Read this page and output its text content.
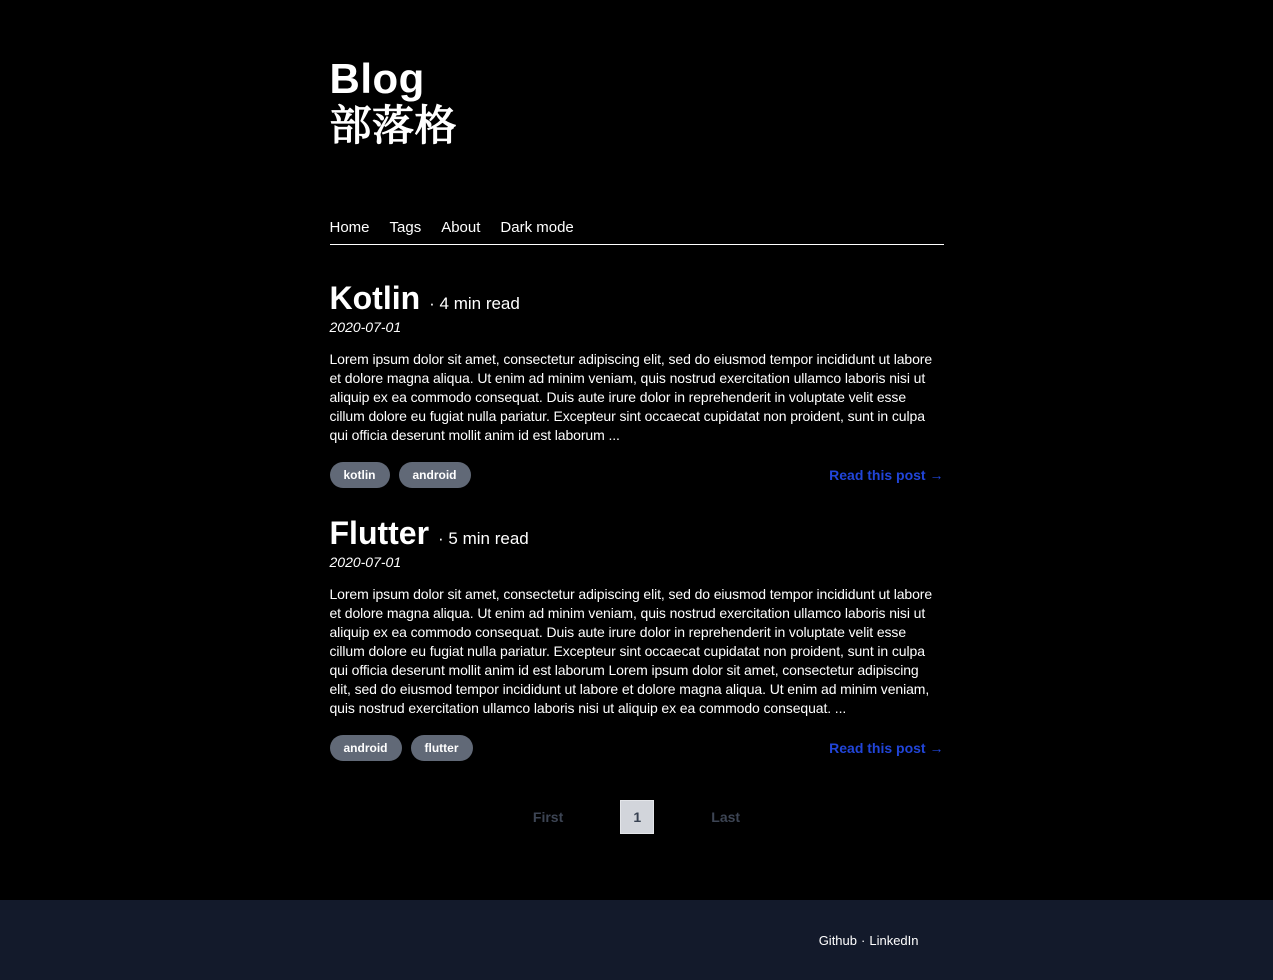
Blog
部落格
Home Tags About Dark mode
Kotlin · 4 min read
2020-07-01

Lorem ipsum dolor sit amet, consectetur adipiscing elit, sed do eiusmod tempor incididunt ut labore et dolore magna aliqua. Ut enim ad minim veniam, quis nostrud exercitation ullamco laboris nisi ut aliquip ex ea commodo consequat. Duis aute irure dolor in reprehenderit in voluptate velit esse cillum dolore eu fugiat nulla pariatur. Excepteur sint occaecat cupidatat non proident, sunt in culpa qui officia deserunt mollit anim id est laborum ...

kotlin	android	Read this post →
Flutter · 5 min read
2020-07-01

Lorem ipsum dolor sit amet, consectetur adipiscing elit, sed do eiusmod tempor incididunt ut labore et dolore magna aliqua. Ut enim ad minim veniam, quis nostrud exercitation ullamco laboris nisi ut aliquip ex ea commodo consequat. Duis aute irure dolor in reprehenderit in voluptate velit esse cillum dolore eu fugiat nulla pariatur. Excepteur sint occaecat cupidatat non proident, sunt in culpa qui officia deserunt mollit anim id est laborum Lorem ipsum dolor sit amet, consectetur adipiscing elit, sed do eiusmod tempor incididunt ut labore et dolore magna aliqua. Ut enim ad minim veniam, quis nostrud exercitation ullamco laboris nisi ut aliquip ex ea commodo consequat. ...

android	flutter	Read this post →
First	1	Last
Github · LinkedIn
